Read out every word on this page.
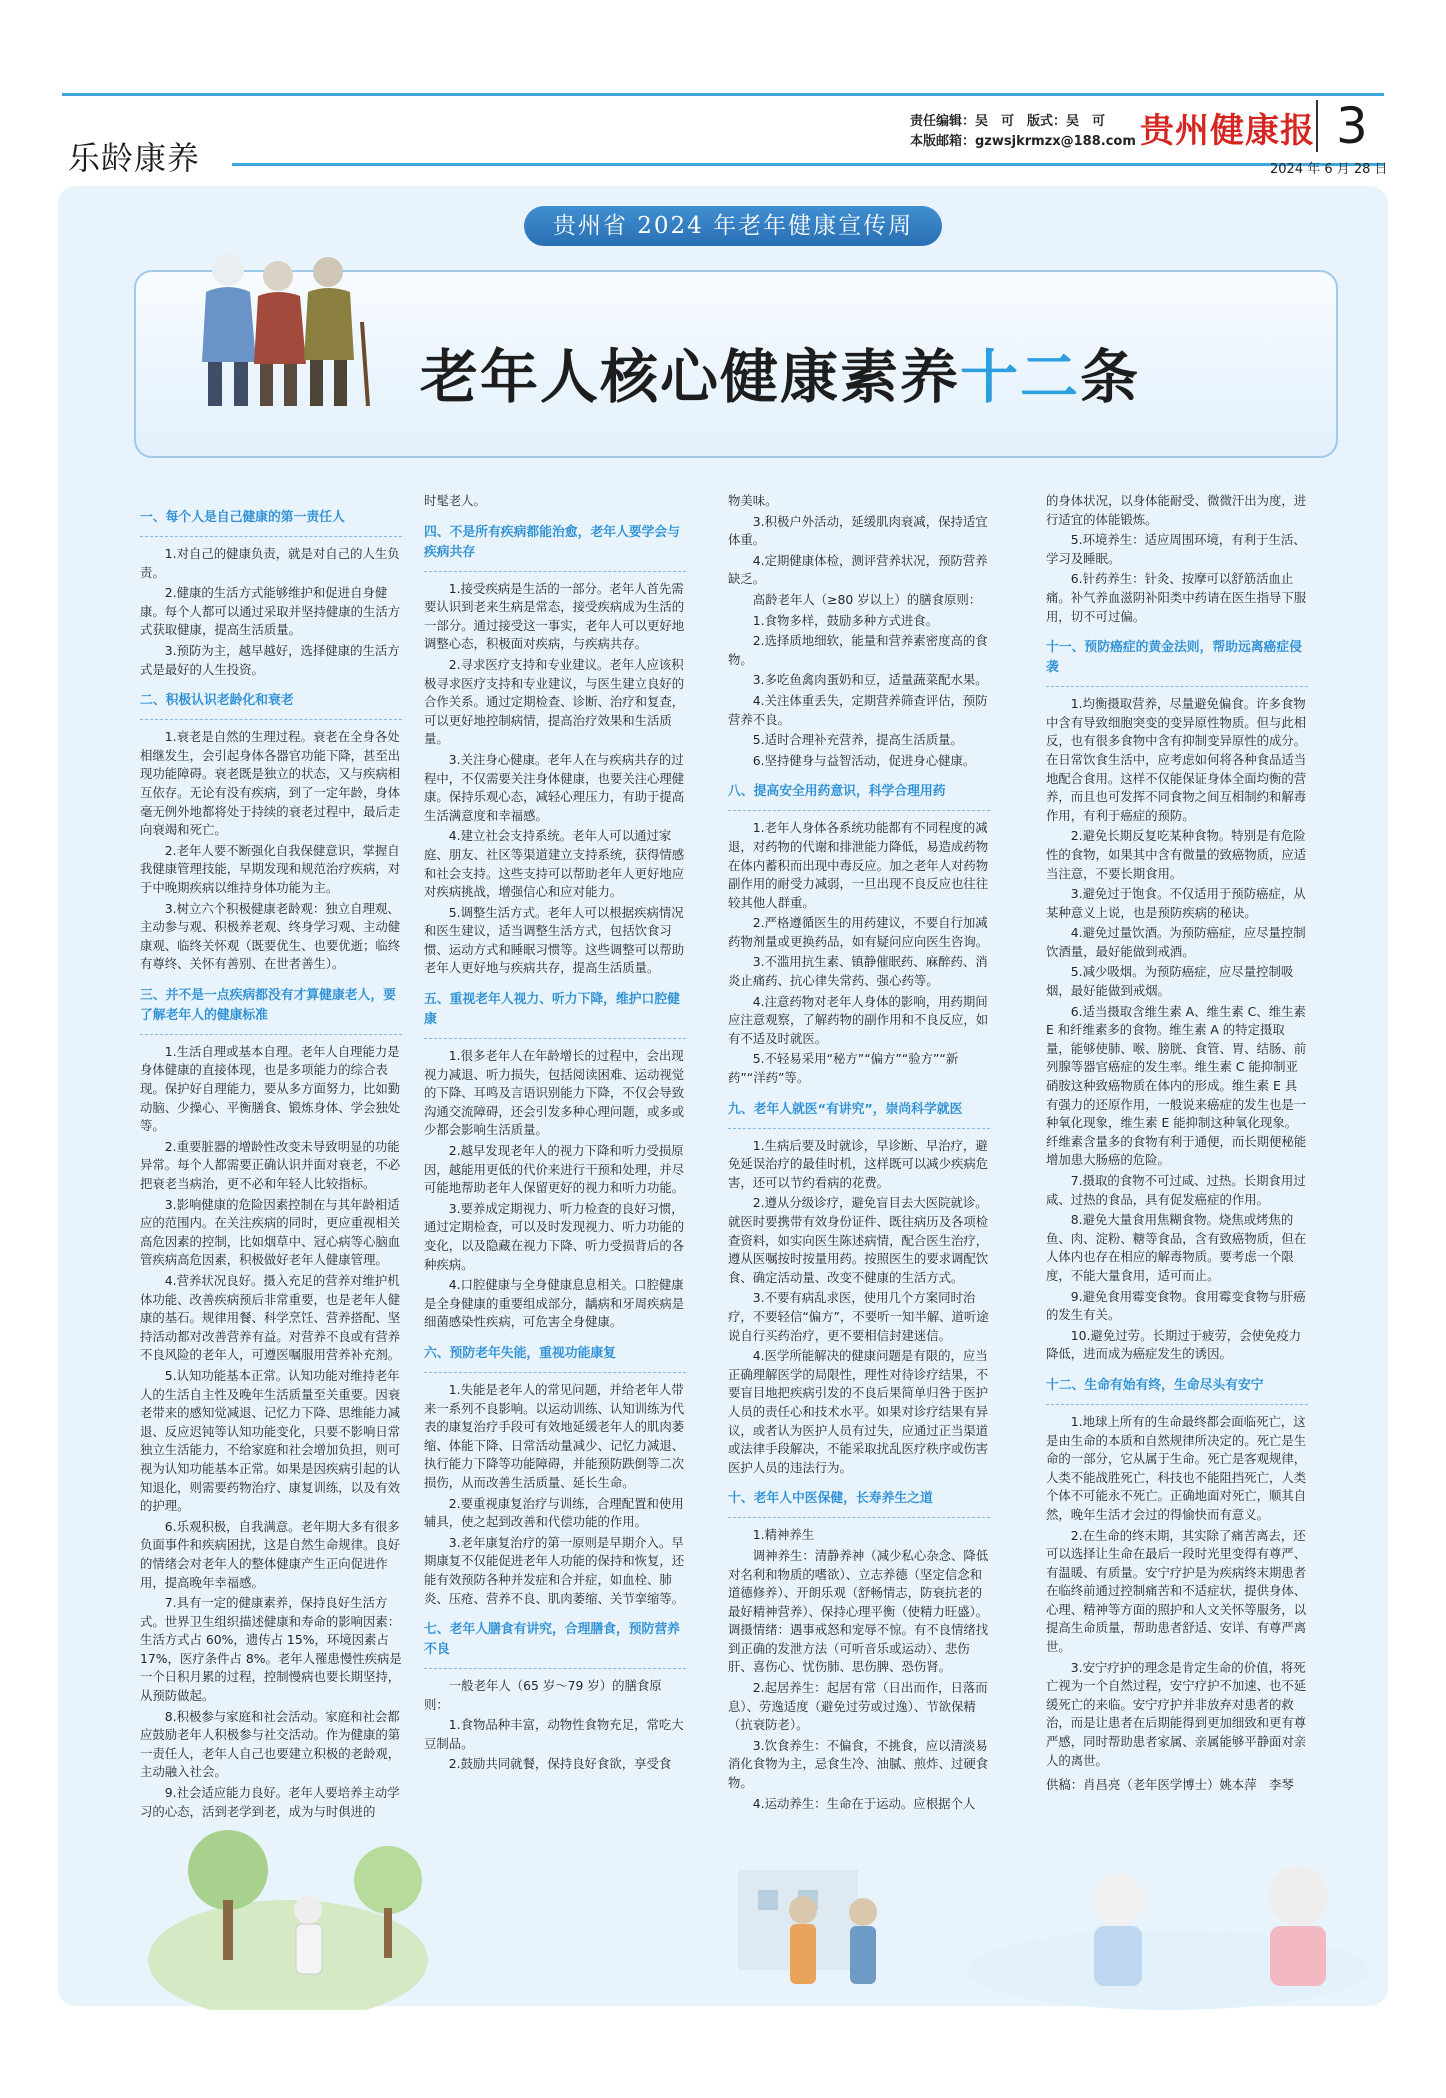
乐龄康养
责任编辑：吴　可　版式：吴　可
本版邮箱：gzwsjkrmzx@188.com 贵州健康报 3
2024 年 6 月 28 日
贵州省 2024 年老年健康宣传周
老年人核心健康素养十二条
一、每个人是自己健康的第一责任人

1.对自己的健康负责，就是对自己的人生负责。

2.健康的生活方式能够维护和促进自身健康。每个人都可以通过采取并坚持健康的生活方式获取健康，提高生活质量。

3.预防为主，越早越好，选择健康的生活方式是最好的人生投资。

二、积极认识老龄化和衰老

1.衰老是自然的生理过程。衰老在全身各处相继发生，会引起身体各器官功能下降，甚至出现功能障碍。衰老既是独立的状态，又与疾病相互依存。无论有没有疾病，到了一定年龄，身体毫无例外地都将处于持续的衰老过程中，最后走向衰竭和死亡。

2.老年人要不断强化自我保健意识，掌握自我健康管理技能，早期发现和规范治疗疾病，对于中晚期疾病以维持身体功能为主。

3.树立六个积极健康老龄观：独立自理观、主动参与观、积极养老观、终身学习观、主动健康观、临终关怀观（既要优生、也要优逝；临终有尊终、关怀有善别、在世者善生）。

三、并不是一点疾病都没有才算健康老人，要了解老年人的健康标准

1.生活自理或基本自理。老年人自理能力是身体健康的直接体现，也是多项能力的综合表现。保护好自理能力，要从多方面努力，比如勤动脑、少操心、平衡膳食、锻炼身体、学会独处等。

2.重要脏器的增龄性改变未导致明显的功能异常。每个人都需要正确认识并面对衰老，不必把衰老当病治，更不必和年轻人比较指标。

3.影响健康的危险因素控制在与其年龄相适应的范围内。在关注疾病的同时，更应重视相关高危因素的控制，比如烟草中、冠心病等心脑血管疾病高危因素，积极做好老年人健康管理。

4.营养状况良好。摄入充足的营养对维护机体功能、改善疾病预后非常重要，也是老年人健康的基石。规律用餐、科学烹饪、营养搭配、坚持活动都对改善营养有益。对营养不良或有营养不良风险的老年人，可遵医嘱服用营养补充剂。

5.认知功能基本正常。认知功能对维持老年人的生活自主性及晚年生活质量至关重要。因衰老带来的感知觉减退、记忆力下降、思维能力减退、反应迟钝等认知功能变化，只要不影响日常独立生活能力，不给家庭和社会增加负担，则可视为认知功能基本正常。如果是因疾病引起的认知退化，则需要药物治疗、康复训练，以及有效的护理。

6.乐观积极，自我满意。老年期大多有很多负面事件和疾病困扰，这是自然生命规律。良好的情绪会对老年人的整体健康产生正向促进作用，提高晚年幸福感。

7.具有一定的健康素养，保持良好生活方式。世界卫生组织描述健康和寿命的影响因素：生活方式占 60%，遗传占 15%，环境因素占 17%，医疗条件占 8%。老年人罹患慢性疾病是一个日积月累的过程，控制慢病也要长期坚持，从预防做起。

8.积极参与家庭和社会活动。家庭和社会都应鼓励老年人积极参与社交活动。作为健康的第一责任人，老年人自己也要建立积极的老龄观，主动融入社会。

9.社会适应能力良好。老年人要培养主动学习的心态，活到老学到老，成为与时俱进的

时髦老人。

四、不是所有疾病都能治愈，老年人要学会与疾病共存

1.接受疾病是生活的一部分。老年人首先需要认识到老来生病是常态，接受疾病成为生活的一部分。通过接受这一事实，老年人可以更好地调整心态，积极面对疾病，与疾病共存。

2.寻求医疗支持和专业建议。老年人应该积极寻求医疗支持和专业建议，与医生建立良好的合作关系。通过定期检查、诊断、治疗和复查，可以更好地控制病情，提高治疗效果和生活质量。

3.关注身心健康。老年人在与疾病共存的过程中，不仅需要关注身体健康，也要关注心理健康。保持乐观心态，减轻心理压力，有助于提高生活满意度和幸福感。

4.建立社会支持系统。老年人可以通过家庭、朋友、社区等渠道建立支持系统，获得情感和社会支持。这些支持可以帮助老年人更好地应对疾病挑战，增强信心和应对能力。

5.调整生活方式。老年人可以根据疾病情况和医生建议，适当调整生活方式，包括饮食习惯、运动方式和睡眠习惯等。这些调整可以帮助老年人更好地与疾病共存，提高生活质量。

五、重视老年人视力、听力下降，维护口腔健康

1.很多老年人在年龄增长的过程中，会出现视力减退、听力损失，包括阅读困难、运动视觉的下降、耳鸣及言语识别能力下降，不仅会导致沟通交流障碍，还会引发多种心理问题，或多或少都会影响生活质量。

2.越早发现老年人的视力下降和听力受损原因，越能用更低的代价来进行干预和处理，并尽可能地帮助老年人保留更好的视力和听力功能。

3.要养成定期视力、听力检查的良好习惯，通过定期检查，可以及时发现视力、听力功能的变化，以及隐藏在视力下降、听力受损背后的各种疾病。

4.口腔健康与全身健康息息相关。口腔健康是全身健康的重要组成部分，龋病和牙周疾病是细菌感染性疾病，可危害全身健康。

六、预防老年失能，重视功能康复

1.失能是老年人的常见问题，并给老年人带来一系列不良影响。以运动训练、认知训练为代表的康复治疗手段可有效地延缓老年人的肌肉萎缩、体能下降、日常活动量减少、记忆力减退、执行能力下降等功能障碍，并能预防跌倒等二次损伤，从而改善生活质量、延长生命。

2.要重视康复治疗与训练，合理配置和使用辅具，使之起到改善和代偿功能的作用。

3.老年康复治疗的第一原则是早期介入。早期康复不仅能促进老年人功能的保持和恢复，还能有效预防各种并发症和合并症，如血栓、肺炎、压疮、营养不良、肌肉萎缩、关节挛缩等。

七、老年人膳食有讲究，合理膳食，预防营养不良

一般老年人（65 岁～79 岁）的膳食原则：

1.食物品种丰富，动物性食物充足，常吃大豆制品。

2.鼓励共同就餐，保持良好食欲，享受食

物美味。

3.积极户外活动，延缓肌肉衰减，保持适宜体重。

4.定期健康体检，测评营养状况，预防营养缺乏。

高龄老年人（≥80 岁以上）的膳食原则：

1.食物多样，鼓励多种方式进食。

2.选择质地细软，能量和营养素密度高的食物。

3.多吃鱼禽肉蛋奶和豆，适量蔬菜配水果。

4.关注体重丢失，定期营养筛查评估，预防营养不良。

5.适时合理补充营养，提高生活质量。

6.坚持健身与益智活动，促进身心健康。

八、提高安全用药意识，科学合理用药

1.老年人身体各系统功能都有不同程度的减退，对药物的代谢和排泄能力降低，易造成药物在体内蓄积而出现中毒反应。加之老年人对药物副作用的耐受力减弱，一旦出现不良反应也往往较其他人群重。

2.严格遵循医生的用药建议，不要自行加减药物剂量或更换药品，如有疑问应向医生咨询。

3.不滥用抗生素、镇静催眠药、麻醉药、消炎止痛药、抗心律失常药、强心药等。

4.注意药物对老年人身体的影响，用药期间应注意观察，了解药物的副作用和不良反应，如有不适及时就医。

5.不轻易采用“秘方”“偏方”“验方”“新药”“洋药”等。

九、老年人就医“有讲究”，崇尚科学就医

1.生病后要及时就诊，早诊断、早治疗，避免延误治疗的最佳时机，这样既可以减少疾病危害，还可以节约看病的花费。

2.遵从分级诊疗，避免盲目去大医院就诊。就医时要携带有效身份证件、既往病历及各项检查资料，如实向医生陈述病情，配合医生治疗，遵从医嘱按时按量用药。按照医生的要求调配饮食、确定活动量、改变不健康的生活方式。

3.不要有病乱求医，使用几个方案同时治疗，不要轻信“偏方”，不要听一知半解、道听途说自行买药治疗，更不要相信封建迷信。

4.医学所能解决的健康问题是有限的，应当正确理解医学的局限性，理性对待诊疗结果，不要盲目地把疾病引发的不良后果简单归咎于医护人员的责任心和技术水平。如果对诊疗结果有异议，或者认为医护人员有过失，应通过正当渠道或法律手段解决，不能采取扰乱医疗秩序或伤害医护人员的违法行为。

十、老年人中医保健，长寿养生之道

1.精神养生

调神养生：清静养神（减少私心杂念、降低对名利和物质的嗜欲）、立志养德（坚定信念和道德修养）、开朗乐观（舒畅情志，防衰抗老的最好精神营养）、保持心理平衡（使精力旺盛）。调摄情绪：遇事戒怒和宠辱不惊。有不良情绪找到正确的发泄方法（可听音乐或运动）、悲伤肝、喜伤心、忧伤肺、思伤脾、恐伤肾。

2.起居养生：起居有常（日出而作，日落而息）、劳逸适度（避免过劳或过逸）、节欲保精（抗衰防老）。

3.饮食养生：不偏食，不挑食，应以清淡易消化食物为主，忌食生冷、油腻、煎炸、过硬食物。

4.运动养生：生命在于运动。应根据个人

的身体状况，以身体能耐受、微微汗出为度，进行适宜的体能锻炼。

5.环境养生：适应周围环境，有利于生活、学习及睡眠。

6.针药养生：针灸、按摩可以舒筋活血止痛。补气养血滋阴补阳类中药请在医生指导下服用，切不可过偏。

十一、预防癌症的黄金法则，帮助远离癌症侵袭

1.均衡摄取营养，尽量避免偏食。许多食物中含有导致细胞突变的变异原性物质。但与此相反，也有很多食物中含有抑制变异原性的成分。在日常饮食生活中，应考虑如何将各种食品适当地配合食用。这样不仅能保证身体全面均衡的营养，而且也可发挥不同食物之间互相制约和解毒作用，有利于癌症的预防。

2.避免长期反复吃某种食物。特别是有危险性的食物，如果其中含有微量的致癌物质，应适当注意，不要长期食用。

3.避免过于饱食。不仅适用于预防癌症，从某种意义上说，也是预防疾病的秘诀。

4.避免过量饮酒。为预防癌症，应尽量控制饮酒量，最好能做到戒酒。

5.减少吸烟。为预防癌症，应尽量控制吸烟，最好能做到戒烟。

6.适当摄取含维生素 A、维生素 C、维生素 E 和纤维素多的食物。维生素 A 的特定摄取量，能够使肺、喉、膀胱、食管、胃、结肠、前列腺等器官癌症的发生率。维生素 C 能抑制亚硝胺这种致癌物质在体内的形成。维生素 E 具有强力的还原作用，一般说来癌症的发生也是一种氧化现象，维生素 E 能抑制这种氧化现象。纤维素含量多的食物有利于通便，而长期便秘能增加患大肠癌的危险。

7.摄取的食物不可过咸、过热。长期食用过咸、过热的食品，具有促发癌症的作用。

8.避免大量食用焦糊食物。烧焦或烤焦的鱼、肉、淀粉、糖等食品，含有致癌物质，但在人体内也存在相应的解毒物质。要考虑一个限度，不能大量食用，适可而止。

9.避免食用霉变食物。食用霉变食物与肝癌的发生有关。

10.避免过劳。长期过于疲劳，会使免疫力降低，进而成为癌症发生的诱因。

十二、生命有始有终，生命尽头有安宁

1.地球上所有的生命最终都会面临死亡，这是由生命的本质和自然规律所决定的。死亡是生命的一部分，它从属于生命。死亡是客观规律，人类不能战胜死亡，科技也不能阻挡死亡，人类个体不可能永不死亡。正确地面对死亡，顺其自然，晚年生活才会过的得愉快而有意义。

2.在生命的终末期，其实除了痛苦离去，还可以选择让生命在最后一段时光里变得有尊严、有温暖、有质量。安宁疗护是为疾病终末期患者在临终前通过控制痛苦和不适症状，提供身体、心理、精神等方面的照护和人文关怀等服务，以提高生命质量，帮助患者舒适、安详、有尊严离世。

3.安宁疗护的理念是肯定生命的价值，将死亡视为一个自然过程，安宁疗护不加速、也不延缓死亡的来临。安宁疗护并非放弃对患者的救治，而是让患者在后期能得到更加细致和更有尊严感，同时帮助患者家属、亲属能够平静面对亲人的离世。

供稿：肖昌亮（老年医学博士）姚本萍　李琴
